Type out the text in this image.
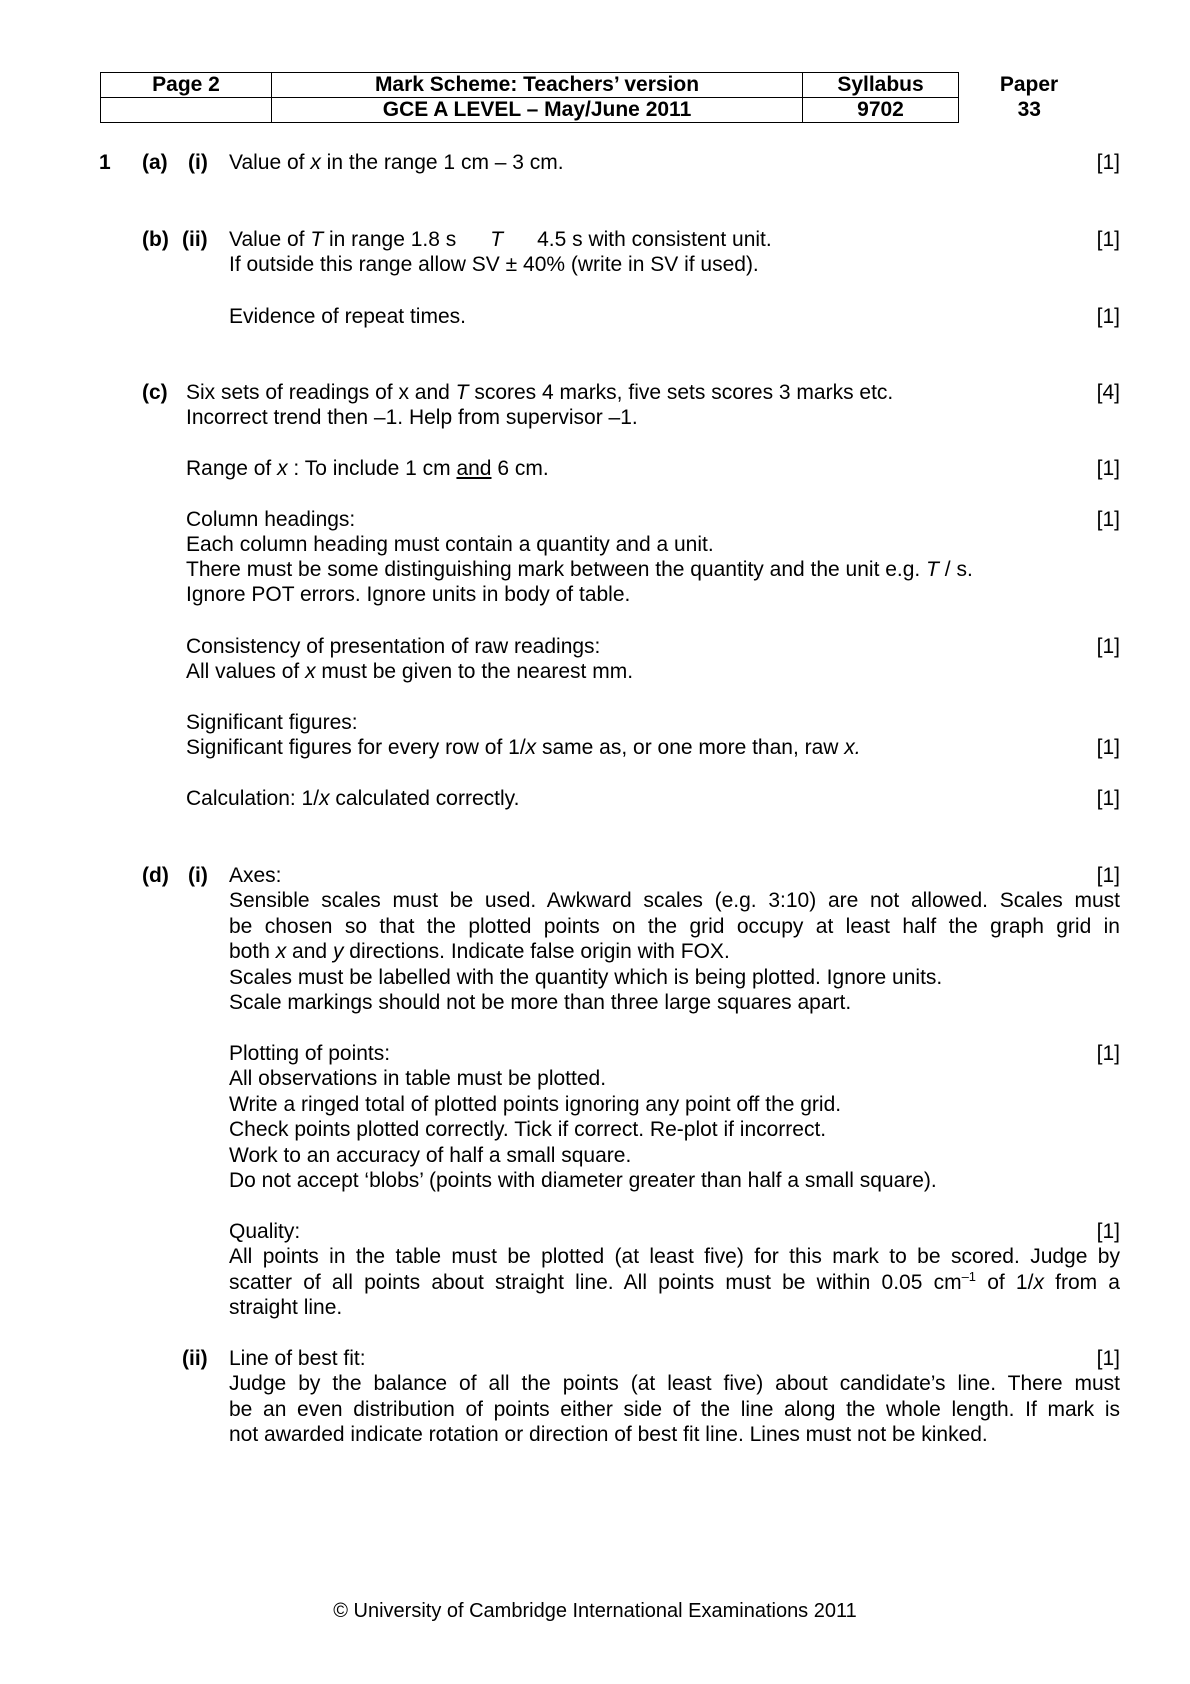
Page 2	Mark Scheme: Teachers’ version	Syllabus	Paper
	GCE A LEVEL – May/June 2011	9702	33
1 (a) (i) Value of x in the range 1 cm – 3 cm.	[1]
(b) (ii) Value of T in range 1.8 s T 4.5 s with consistent unit.	[1]
If outside this range allow SV ± 40% (write in SV if used).
Evidence of repeat times.	[1]
(c) Six sets of readings of x and T scores 4 marks, five sets scores 3 marks etc.	[4]
Incorrect trend then –1. Help from supervisor –1.
Range of x : To include 1 cm and 6 cm.	[1]
Column headings:	[1]
Each column heading must contain a quantity and a unit.
There must be some distinguishing mark between the quantity and the unit e.g. T / s.
Ignore POT errors. Ignore units in body of table.
Consistency of presentation of raw readings:	[1]
All values of x must be given to the nearest mm.
Significant figures:
Significant figures for every row of 1/x same as, or one more than, raw x.	[1]
Calculation: 1/x calculated correctly.	[1]
(d) (i) Axes:	[1]
Sensible scales must be used. Awkward scales (e.g. 3:10) are not allowed. Scales must
be chosen so that the plotted points on the grid occupy at least half the graph grid in
both x and y directions. Indicate false origin with FOX.
Scales must be labelled with the quantity which is being plotted. Ignore units.
Scale markings should not be more than three large squares apart.
Plotting of points:	[1]
All observations in table must be plotted.
Write a ringed total of plotted points ignoring any point off the grid.
Check points plotted correctly. Tick if correct. Re-plot if incorrect.
Work to an accuracy of half a small square.
Do not accept ‘blobs’ (points with diameter greater than half a small square).
Quality:	[1]
All points in the table must be plotted (at least five) for this mark to be scored. Judge by
scatter of all points about straight line. All points must be within 0.05 $cm^{-1}$ of 1/x from a
straight line.
(ii) Line of best fit:	[1]
Judge by the balance of all the points (at least five) about candidate’s line. There must
be an even distribution of points either side of the line along the whole length. If mark is
not awarded indicate rotation or direction of best fit line. Lines must not be kinked.
© University of Cambridge International Examinations 2011
